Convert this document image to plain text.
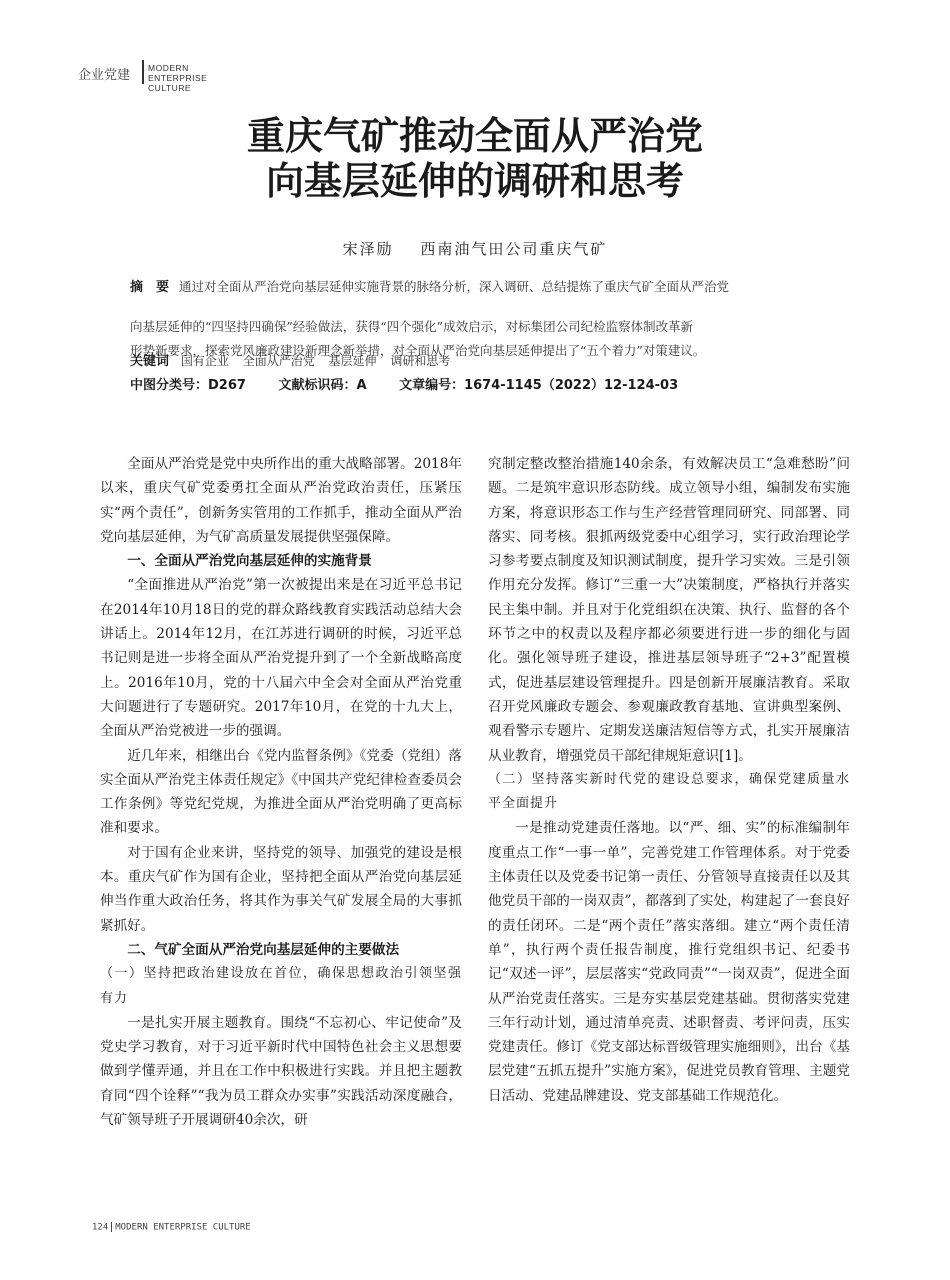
企业党建 MODERN ENTERPRISE
CULTURE
重庆气矿推动全面从严治党
向基层延伸的调研和思考
宋泽励 西南油气田公司重庆气矿
摘　要 通过对全面从严治党向基层延伸实施背景的脉络分析，深入调研、总结提炼了重庆气矿全面从严治党
向基层延伸的“四坚持四确保”经验做法，获得“四个强化”成效启示，对标集团公司纪检监察体制改革新
形势新要求，探索党风廉政建设新理念新举措，对全面从严治党向基层延伸提出了“五个着力”对策建议。
关键词 国有企业 全面从严治党 基层延伸 调研和思考
中图分类号：D267	文献标识码：A	文章编号：1674-1145（2022）12-124-03

全面从严治党是党中央所作出的重大战略部署。2018年以来，重庆气矿党委勇扛全面从严治党政治责任，压紧压实“两个责任”，创新务实管用的工作抓手，推动全面从严治党向基层延伸，为气矿高质量发展提供坚强保障。

一、全面从严治党向基层延伸的实施背景

“全面推进从严治党”第一次被提出来是在习近平总书记在2014年10月18日的党的群众路线教育实践活动总结大会讲话上。2014年12月，在江苏进行调研的时候，习近平总书记则是进一步将全面从严治党提升到了一个全新战略高度上。2016年10月，党的十八届六中全会对全面从严治党重大问题进行了专题研究。2017年10月，在党的十九大上，全面从严治党被进一步的强调。

近几年来，相继出台《党内监督条例》《党委（党组）落实全面从严治党主体责任规定》《中国共产党纪律检查委员会工作条例》等党纪党规，为推进全面从严治党明确了更高标准和要求。

对于国有企业来讲，坚持党的领导、加强党的建设是根本。重庆气矿作为国有企业，坚持把全面从严治党向基层延伸当作重大政治任务，将其作为事关气矿发展全局的大事抓紧抓好。

二、气矿全面从严治党向基层延伸的主要做法
（一）坚持把政治建设放在首位，确保思想政治引领坚强有力

一是扎实开展主题教育。围绕“不忘初心、牢记使命”及党史学习教育，对于习近平新时代中国特色社会主义思想要做到学懂弄通，并且在工作中积极进行实践。并且把主题教育同“四个诠释”“我为员工群众办实事”实践活动深度融合，气矿领导班子开展调研40余次，研

究制定整改整治措施140余条，有效解决员工“急难愁盼”问题。二是筑牢意识形态防线。成立领导小组，编制发布实施方案，将意识形态工作与生产经营管理同研究、同部署、同落实、同考核。狠抓两级党委中心组学习，实行政治理论学习参考要点制度及知识测试制度，提升学习实效。三是引领作用充分发挥。修订“三重一大”决策制度，严格执行并落实民主集中制。并且对于化党组织在决策、执行、监督的各个环节之中的权责以及程序都必须要进行进一步的细化与固化。强化领导班子建设，推进基层领导班子“2+3”配置模式，促进基层建设管理提升。四是创新开展廉洁教育。采取召开党风廉政专题会、参观廉政教育基地、宣讲典型案例、观看警示专题片、定期发送廉洁短信等方式，扎实开展廉洁从业教育，增强党员干部纪律规矩意识[1]。

（二）坚持落实新时代党的建设总要求，确保党建质量水平全面提升

一是推动党建责任落地。以“严、细、实”的标准编制年度重点工作“一事一单”，完善党建工作管理体系。对于党委主体责任以及党委书记第一责任、分管领导直接责任以及其他党员干部的一岗双责”，都落到了实处，构建起了一套良好的责任闭环。二是“两个责任”落实落细。建立“两个责任清单”，执行两个责任报告制度，推行党组织书记、纪委书记“双述一评”，层层落实“党政同责”“一岗双责”，促进全面从严治党责任落实。三是夯实基层党建基础。贯彻落实党建三年行动计划，通过清单亮责、述职督责、考评问责，压实党建责任。修订《党支部达标晋级管理实施细则》，出台《基层党建“五抓五提升”实施方案》，促进党员教育管理、主题党日活动、党建品牌建设、党支部基础工作规范化。

124 MODERN ENTERPRISE CULTURE
